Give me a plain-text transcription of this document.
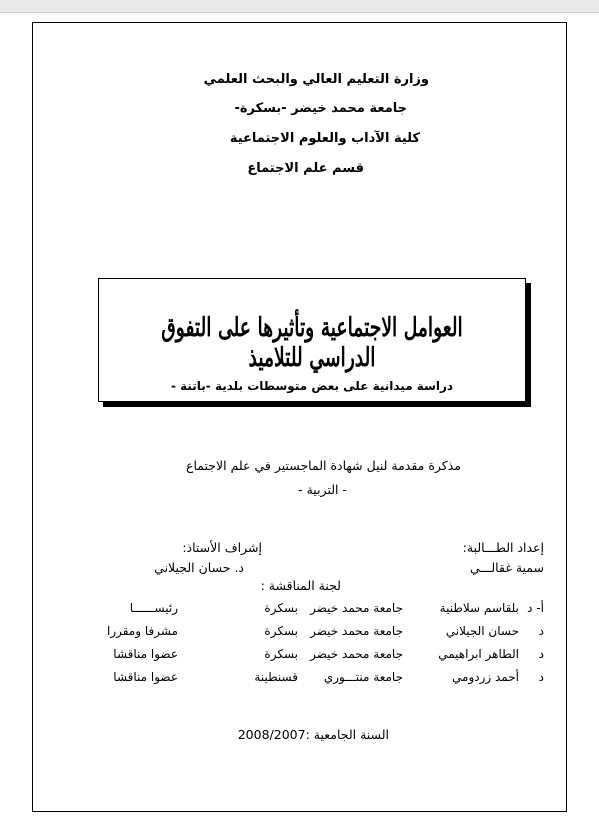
وزارة التعليم العالي والبحث العلمي
جامعة محمد خيضر -بسكرة-
كلية الآداب والعلوم الاجتماعية
قسم علم الاجتماع
العوامل الاجتماعية وتأثيرها على التفوق الدراسي للتلاميذ
دراسة ميدانية على بعض متوسطات بلدية -باتنة -
مذكرة مقدمة لنيل شهادة الماجستير في علم الاجتماع
- التربية -
إعداد الطـــالبة:
سمية غقالـــي
إشراف الأستاذ:
د. حسان الجيلاني
لجنة المناقشة :
أ- د
بلقاسم سلاطنية
جامعة محمد خيضر
بسكرة
رئيســــــا
د
حسان الجيلاني
جامعة محمد خيضر
بسكرة
مشرفا ومقررا
د
الطاهر ابراهيمي
جامعة محمد خيضر
بسكرة
عضوا مناقشا
د
أحمد زردومي
جامعة منتـــوري
قسنطينة
عضوا مناقشا
السنة الجامعية :2008/2007
